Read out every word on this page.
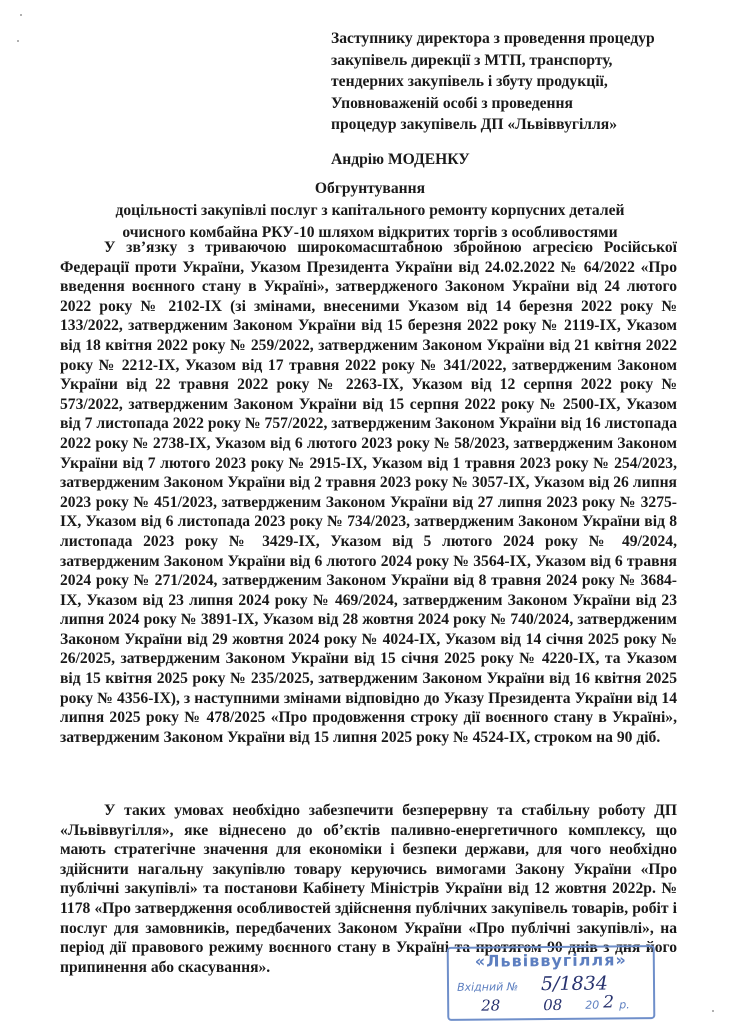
Заступнику директора з проведення процедур
закупівель дирекції з МТП, транспорту,
тендерних закупівель і збуту продукції,
Уповноваженій особі з проведення
процедур закупівель ДП «Львіввугілля»
Андрію МОДЕНКУ
Обгрунтування
доцільності закупівлі послуг з капітального ремонту корпусних деталей
очисного комбайна РКУ-10 шляхом відкритих торгів з особливостями

У зв’язку з триваючою широкомасштабною збройною агресією Російської Федерації проти України, Указом Президента України від 24.02.2022 № 64/2022 «Про введення воєнного стану в Україні», затвердженого Законом України від 24 лютого 2022 року № 2102-IX (зі змінами, внесеними Указом від 14 березня 2022 року № 133/2022, затвердженим Законом України від 15 березня 2022 року № 2119-IX, Указом від 18 квітня 2022 року № 259/2022, затвердженим Законом України від 21 квітня 2022 року № 2212-IX, Указом від 17 травня 2022 року № 341/2022, затвердженим Законом України від 22 травня 2022 року № 2263-IX, Указом від 12 серпня 2022 року № 573/2022, затвердженим Законом України від 15 серпня 2022 року № 2500-IX, Указом від 7 листопада 2022 року № 757/2022, затвердженим Законом України від 16 листопада 2022 року № 2738-IX, Указом від 6 лютого 2023 року № 58/2023, затвердженим Законом України від 7 лютого 2023 року № 2915-IX, Указом від 1 травня 2023 року № 254/2023, затвердженим Законом України від 2 травня 2023 року № 3057-IX, Указом від 26 липня 2023 року № 451/2023, затвердженим Законом України від 27 липня 2023 року № 3275-IX, Указом від 6 листопада 2023 року № 734/2023, затвердженим Законом України від 8 листопада 2023 року № 3429-IX, Указом від 5 лютого 2024 року № 49/2024, затвердженим Законом України від 6 лютого 2024 року № 3564-IX, Указом від 6 травня 2024 року № 271/2024, затвердженим Законом України від 8 травня 2024 року № 3684-IX, Указом від 23 липня 2024 року № 469/2024, затвердженим Законом України від 23 липня 2024 року № 3891-IX, Указом від 28 жовтня 2024 року № 740/2024, затвердженим Законом України від 29 жовтня 2024 року № 4024-IX, Указом від 14 січня 2025 року № 26/2025, затвердженим Законом України від 15 січня 2025 року № 4220-IX, та Указом від 15 квітня 2025 року № 235/2025, затвердженим Законом України від 16 квітня 2025 року № 4356-IX), з наступними змінами відповідно до Указу Президента України від 14 липня 2025 року № 478/2025 «Про продовження строку дії воєнного стану в Україні», затвердженим Законом України від 15 липня 2025 року № 4524-IX, строком на 90 діб.

У таких умовах необхідно забезпечити безперервну та стабільну роботу ДП «Львіввугілля», яке віднесено до об’єктів паливно-енергетичного комплексу, що мають стратегічне значення для економіки і безпеки держави, для чого необхідно здійснити нагальну закупівлю товару керуючись вимогами Закону України «Про публічні закупівлі» та постанови Кабінету Міністрів України від 12 жовтня 2022р. № 1178 «Про затвердження особливостей здійснення публічних закупівель товарів, робіт і послуг для замовників, передбачених Законом України «Про публічні закупівлі», на період дії правового режиму воєнного стану в Україні та протягом 90 днів з дня його припинення або скасування».	«Львіввугілля»
Вхідний № 5/1834
28	08 20 2 р.
